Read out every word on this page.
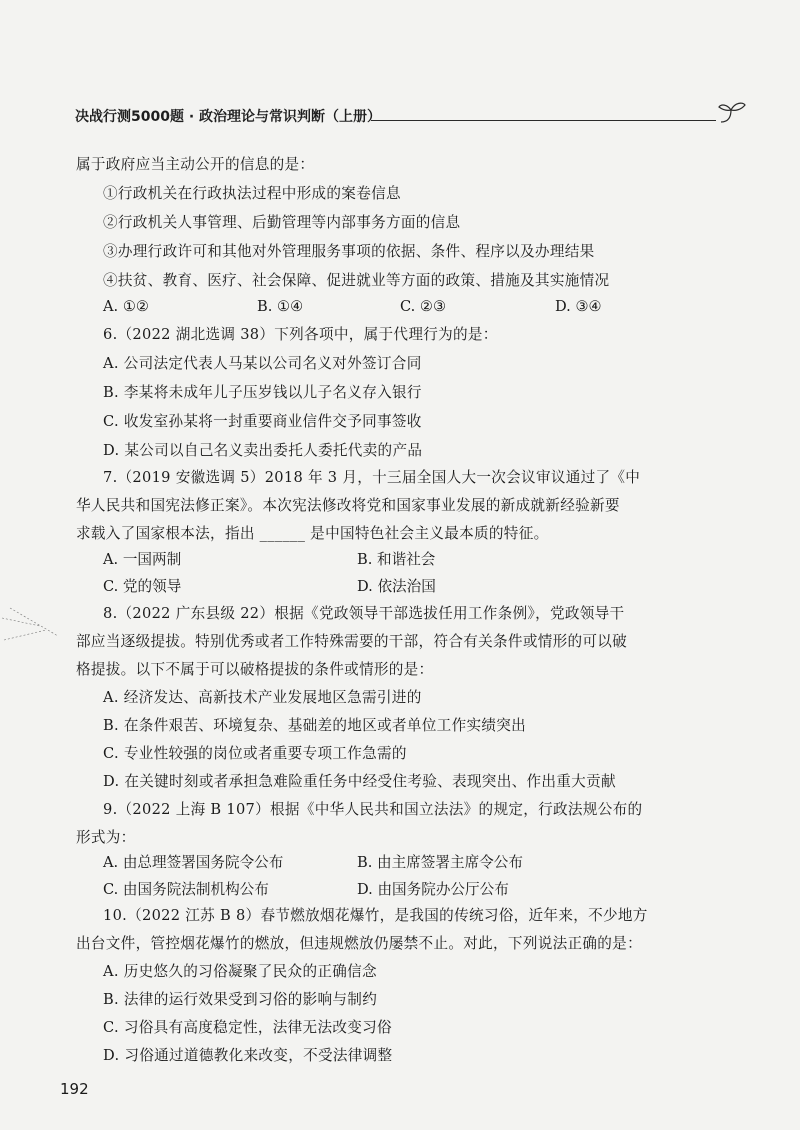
决战行测5000题 · 政治理论与常识判断（上册）
属于政府应当主动公开的信息的是：
①行政机关在行政执法过程中形成的案卷信息
②行政机关人事管理、后勤管理等内部事务方面的信息
③办理行政许可和其他对外管理服务事项的依据、条件、程序以及办理结果
④扶贫、教育、医疗、社会保障、促进就业等方面的政策、措施及其实施情况
A. ①②	B. ①④	C. ②③	D. ③④
6.（2022 湖北选调 38）下列各项中，属于代理行为的是：
A. 公司法定代表人马某以公司名义对外签订合同
B. 李某将未成年儿子压岁钱以儿子名义存入银行
C. 收发室孙某将一封重要商业信件交予同事签收
D. 某公司以自己名义卖出委托人委托代卖的产品
7.（2019 安徽选调 5）2018 年 3 月，十三届全国人大一次会议审议通过了《中
华人民共和国宪法修正案》。本次宪法修改将党和国家事业发展的新成就新经验新要
求载入了国家根本法，指出 ______ 是中国特色社会主义最本质的特征。
A. 一国两制	B. 和谐社会
C. 党的领导	D. 依法治国
8.（2022 广东县级 22）根据《党政领导干部选拔任用工作条例》，党政领导干
部应当逐级提拔。特别优秀或者工作特殊需要的干部，符合有关条件或情形的可以破
格提拔。以下不属于可以破格提拔的条件或情形的是：
A. 经济发达、高新技术产业发展地区急需引进的
B. 在条件艰苦、环境复杂、基础差的地区或者单位工作实绩突出
C. 专业性较强的岗位或者重要专项工作急需的
D. 在关键时刻或者承担急难险重任务中经受住考验、表现突出、作出重大贡献
9.（2022 上海 B 107）根据《中华人民共和国立法法》的规定，行政法规公布的
形式为：
A. 由总理签署国务院令公布	B. 由主席签署主席令公布
C. 由国务院法制机构公布	D. 由国务院办公厅公布
10.（2022 江苏 B 8）春节燃放烟花爆竹，是我国的传统习俗，近年来，不少地方
出台文件，管控烟花爆竹的燃放，但违规燃放仍屡禁不止。对此，下列说法正确的是：
A. 历史悠久的习俗凝聚了民众的正确信念
B. 法律的运行效果受到习俗的影响与制约
C. 习俗具有高度稳定性，法律无法改变习俗
D. 习俗通过道德教化来改变，不受法律调整
192
